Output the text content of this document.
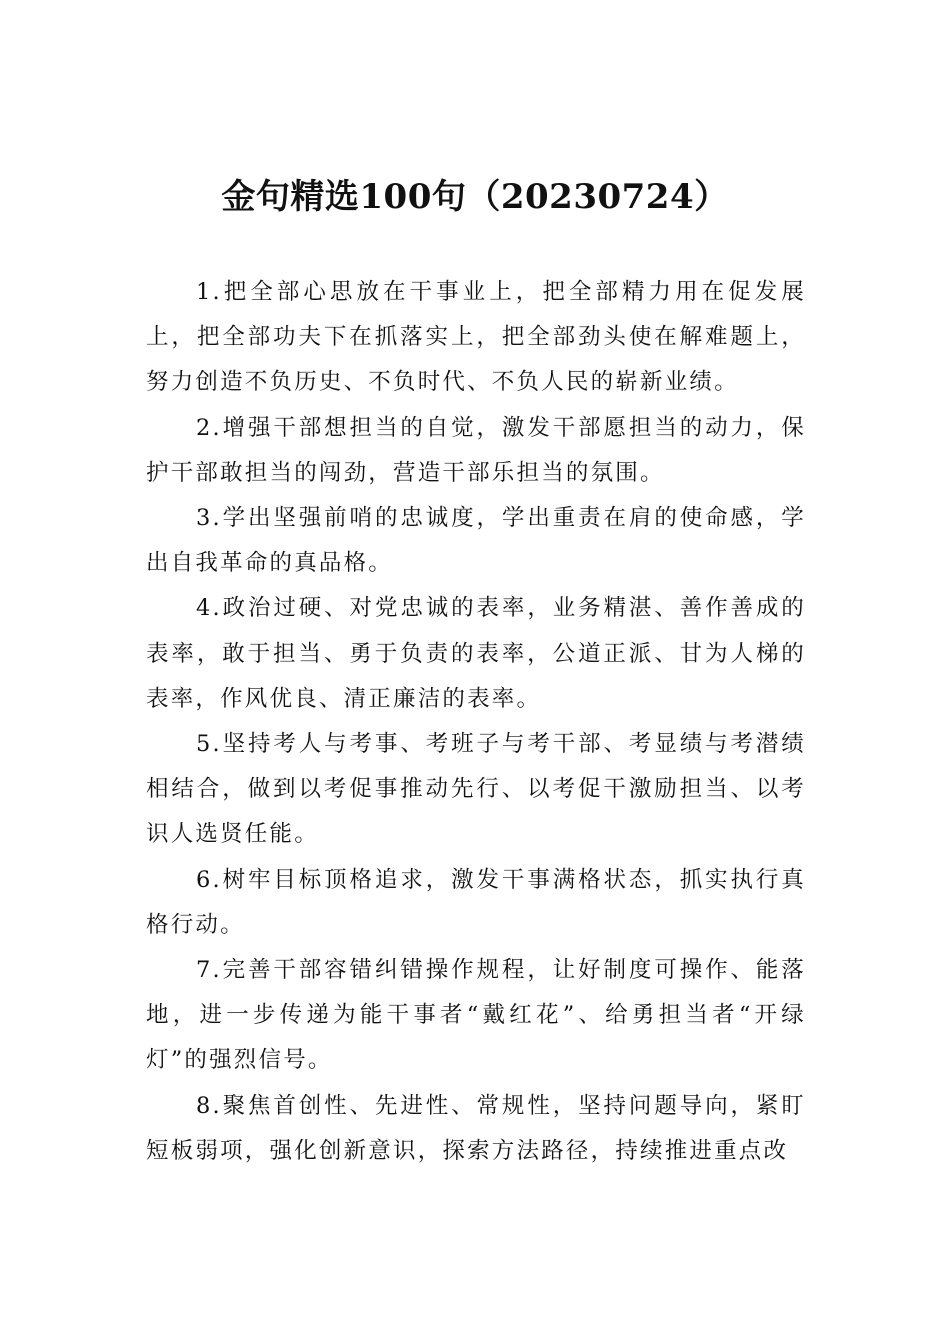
金句精选100句（20230724）

1.把全部心思放在干事业上，把全部精力用在促发展上，把全部功夫下在抓落实上，把全部劲头使在解难题上，努力创造不负历史、不负时代、不负人民的崭新业绩。

2.增强干部想担当的自觉，激发干部愿担当的动力，保护干部敢担当的闯劲，营造干部乐担当的氛围。

3.学出坚强前哨的忠诚度，学出重责在肩的使命感，学出自我革命的真品格。

4.政治过硬、对党忠诚的表率，业务精湛、善作善成的表率，敢于担当、勇于负责的表率，公道正派、甘为人梯的表率，作风优良、清正廉洁的表率。

5.坚持考人与考事、考班子与考干部、考显绩与考潜绩相结合，做到以考促事推动先行、以考促干激励担当、以考识人选贤任能。

6.树牢目标顶格追求，激发干事满格状态，抓实执行真格行动。

7.完善干部容错纠错操作规程，让好制度可操作、能落地，进一步传递为能干事者“戴红花”、给勇担当者“开绿灯”的强烈信号。

8.聚焦首创性、先进性、常规性，坚持问题导向，紧盯短板弱项，强化创新意识，探索方法路径，持续推进重点改
